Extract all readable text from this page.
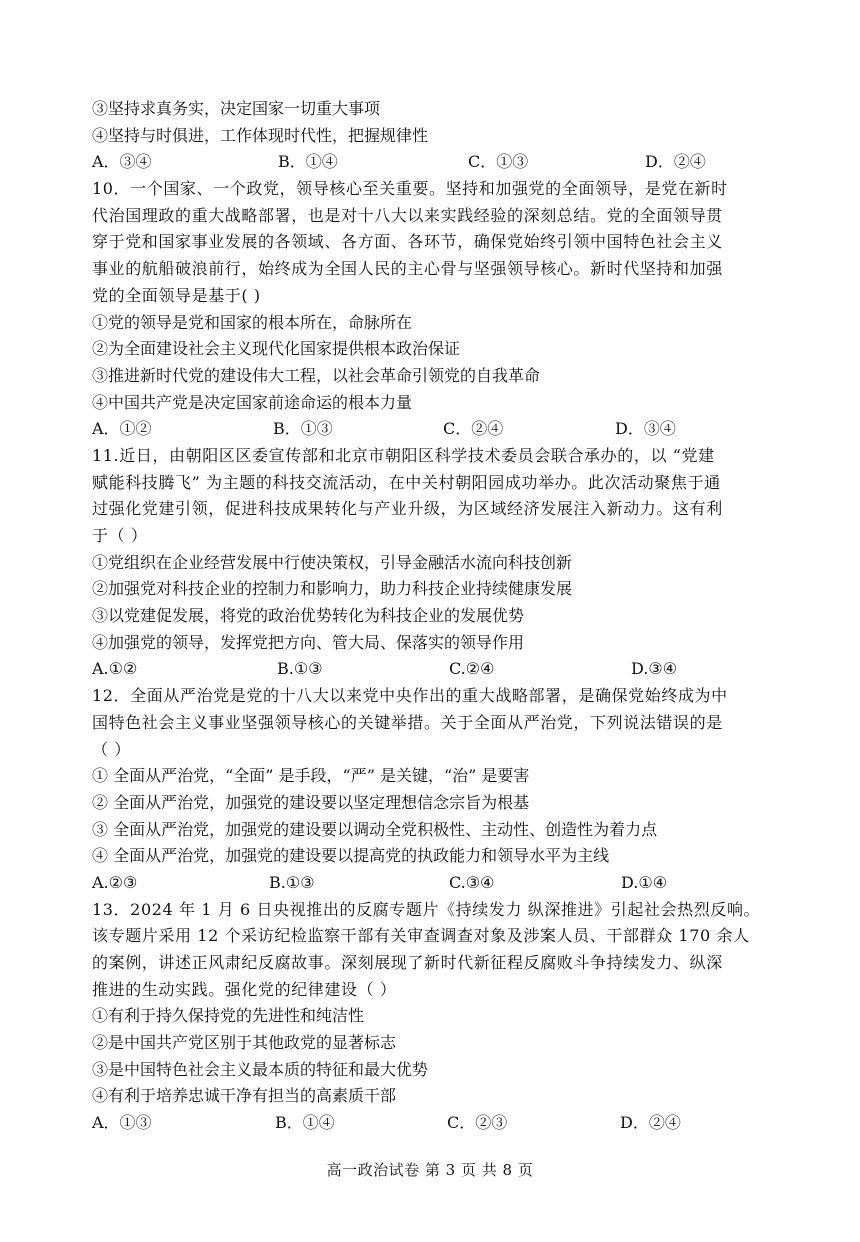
③坚持求真务实，决定国家一切重大事项
④坚持与时俱进，工作体现时代性，把握规律性
A．③④	B．①④	C．①③	D．②④
10．一个国家、一个政党，领导核心至关重要。坚持和加强党的全面领导，是党在新时
代治国理政的重大战略部署，也是对十八大以来实践经验的深刻总结。党的全面领导贯
穿于党和国家事业发展的各领域、各方面、各环节，确保党始终引领中国特色社会主义
事业的航船破浪前行，始终成为全国人民的主心骨与坚强领导核心。新时代坚持和加强
党的全面领导是基于( )
①党的领导是党和国家的根本所在，命脉所在
②为全面建设社会主义现代化国家提供根本政治保证
③推进新时代党的建设伟大工程，以社会革命引领党的自我革命
④中国共产党是决定国家前途命运的根本力量
A．①②	B．①③	C．②④	D．③④
11.近日，由朝阳区区委宣传部和北京市朝阳区科学技术委员会联合承办的，以 “党建
赋能科技腾飞” 为主题的科技交流活动，在中关村朝阳园成功举办。此次活动聚焦于通
过强化党建引领，促进科技成果转化与产业升级，为区域经济发展注入新动力。这有利
于（ ）
①党组织在企业经营发展中行使决策权，引导金融活水流向科技创新
②加强党对科技企业的控制力和影响力，助力科技企业持续健康发展
③以党建促发展，将党的政治优势转化为科技企业的发展优势
④加强党的领导，发挥党把方向、管大局、保落实的领导作用
A.①②	B.①③	C.②④	D.③④
12．全面从严治党是党的十八大以来党中央作出的重大战略部署，是确保党始终成为中
国特色社会主义事业坚强领导核心的关键举措。关于全面从严治党，下列说法错误的是
（ ）
① 全面从严治党，“全面” 是手段，“严” 是关键，“治” 是要害
② 全面从严治党，加强党的建设要以坚定理想信念宗旨为根基
③ 全面从严治党，加强党的建设要以调动全党积极性、主动性、创造性为着力点
④ 全面从严治党，加强党的建设要以提高党的执政能力和领导水平为主线
A.②③	B.①③	C.③④	D.①④
13．2024 年 1 月 6 日央视推出的反腐专题片《持续发力 纵深推进》引起社会热烈反响。
该专题片采用 12 个采访纪检监察干部有关审查调查对象及涉案人员、干部群众 170 余人
的案例，讲述正风肃纪反腐故事。深刻展现了新时代新征程反腐败斗争持续发力、纵深
推进的生动实践。强化党的纪律建设（ ）
①有利于持久保持党的先进性和纯洁性
②是中国共产党区别于其他政党的显著标志
③是中国特色社会主义最本质的特征和最大优势
④有利于培养忠诚干净有担当的高素质干部
A．①③	B．①④	C．②③	D．②④
高一政治试卷 第 3 页 共 8 页
